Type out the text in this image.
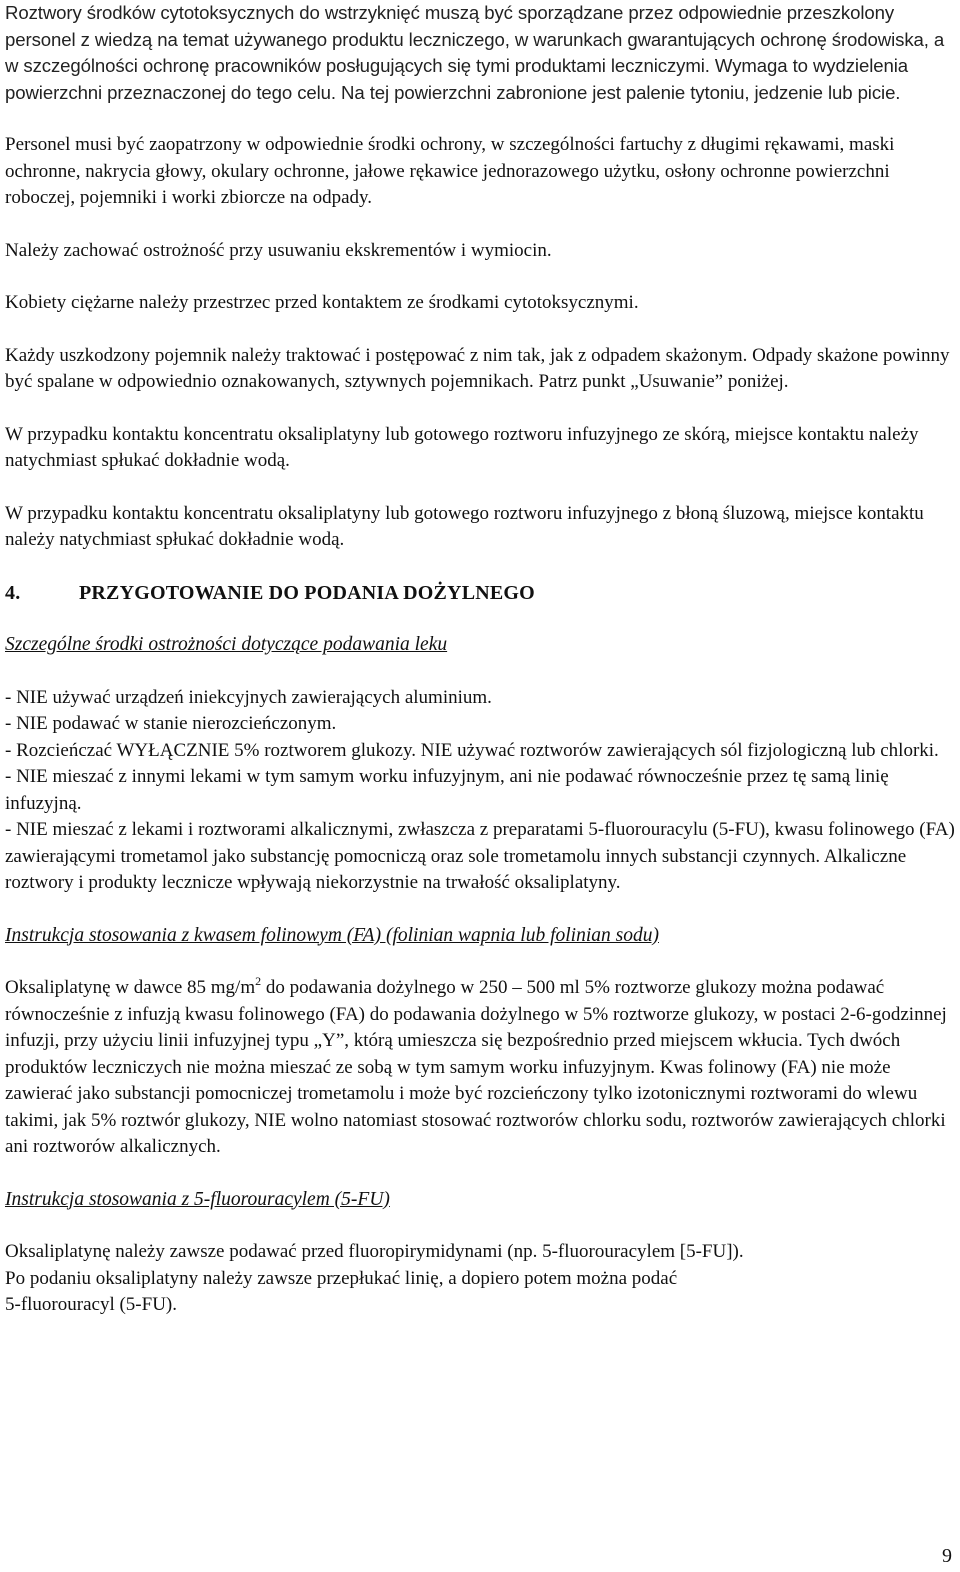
Roztwory środków cytotoksycznych do wstrzyknięć muszą być sporządzane przez odpowiednie przeszkolony personel z wiedzą na temat używanego produktu leczniczego, w warunkach gwarantujących ochronę środowiska, a w szczególności ochronę pracowników posługujących się tymi produktami leczniczymi. Wymaga to wydzielenia powierzchni przeznaczonej do tego celu. Na tej powierzchni zabronione jest palenie tytoniu, jedzenie lub picie.

Personel musi być zaopatrzony w odpowiednie środki ochrony, w szczególności fartuchy z długimi rękawami, maski ochronne, nakrycia głowy, okulary ochronne, jałowe rękawice jednorazowego użytku, osłony ochronne powierzchni roboczej, pojemniki i worki zbiorcze na odpady.

Należy zachować ostrożność przy usuwaniu ekskrementów i wymiocin.

Kobiety ciężarne należy przestrzec przed kontaktem ze środkami cytotoksycznymi.

Każdy uszkodzony pojemnik należy traktować i postępować z nim tak, jak z odpadem skażonym. Odpady skażone powinny być spalane w odpowiednio oznakowanych, sztywnych pojemnikach. Patrz punkt „Usuwanie” poniżej.

W przypadku kontaktu koncentratu oksaliplatyny lub gotowego roztworu infuzyjnego ze skórą, miejsce kontaktu należy natychmiast spłukać dokładnie wodą.

W przypadku kontaktu koncentratu oksaliplatyny lub gotowego roztworu infuzyjnego z błoną śluzową, miejsce kontaktu należy natychmiast spłukać dokładnie wodą.

4.	PRZYGOTOWANIE DO PODANIA DOŻYLNEGO

Szczególne środki ostrożności dotyczące podawania leku

- NIE używać urządzeń iniekcyjnych zawierających aluminium.

- NIE podawać w stanie nierozcieńczonym.

- Rozcieńczać WYŁĄCZNIE 5% roztworem glukozy. NIE używać roztworów zawierających sól fizjologiczną lub chlorki.

- NIE mieszać z innymi lekami w tym samym worku infuzyjnym, ani nie podawać równocześnie przez tę samą linię infuzyjną.

- NIE mieszać z lekami i roztworami alkalicznymi, zwłaszcza z preparatami 5-fluorouracylu (5-FU), kwasu folinowego (FA) zawierającymi trometamol jako substancję pomocniczą oraz sole trometamolu innych substancji czynnych. Alkaliczne roztwory i produkty lecznicze wpływają niekorzystnie na trwałość oksaliplatyny.

Instrukcja stosowania z kwasem folinowym (FA) (folinian wapnia lub folinian sodu)

Oksaliplatynę w dawce 85 $mg/m^2$ do podawania dożylnego w 250 – 500 ml 5% roztworze glukozy można podawać równocześnie z infuzją kwasu folinowego (FA) do podawania dożylnego w 5% roztworze glukozy, w postaci 2-6-godzinnej infuzji, przy użyciu linii infuzyjnej typu „Y”, którą umieszcza się bezpośrednio przed miejscem wkłucia. Tych dwóch produktów leczniczych nie można mieszać ze sobą w tym samym worku infuzyjnym. Kwas folinowy (FA) nie może zawierać jako substancji pomocniczej trometamolu i może być rozcieńczony tylko izotonicznymi roztworami do wlewu takimi, jak 5% roztwór glukozy, NIE wolno natomiast stosować roztworów chlorku sodu, roztworów zawierających chlorki ani roztworów alkalicznych.

Instrukcja stosowania z 5-fluorouracylem (5-FU)

Oksaliplatynę należy zawsze podawać przed fluoropirymidynami (np. 5-fluorouracylem [5-FU]).

Po podaniu oksaliplatyny należy zawsze przepłukać linię, a dopiero potem można podać

5-fluorouracyl (5-FU).

9
